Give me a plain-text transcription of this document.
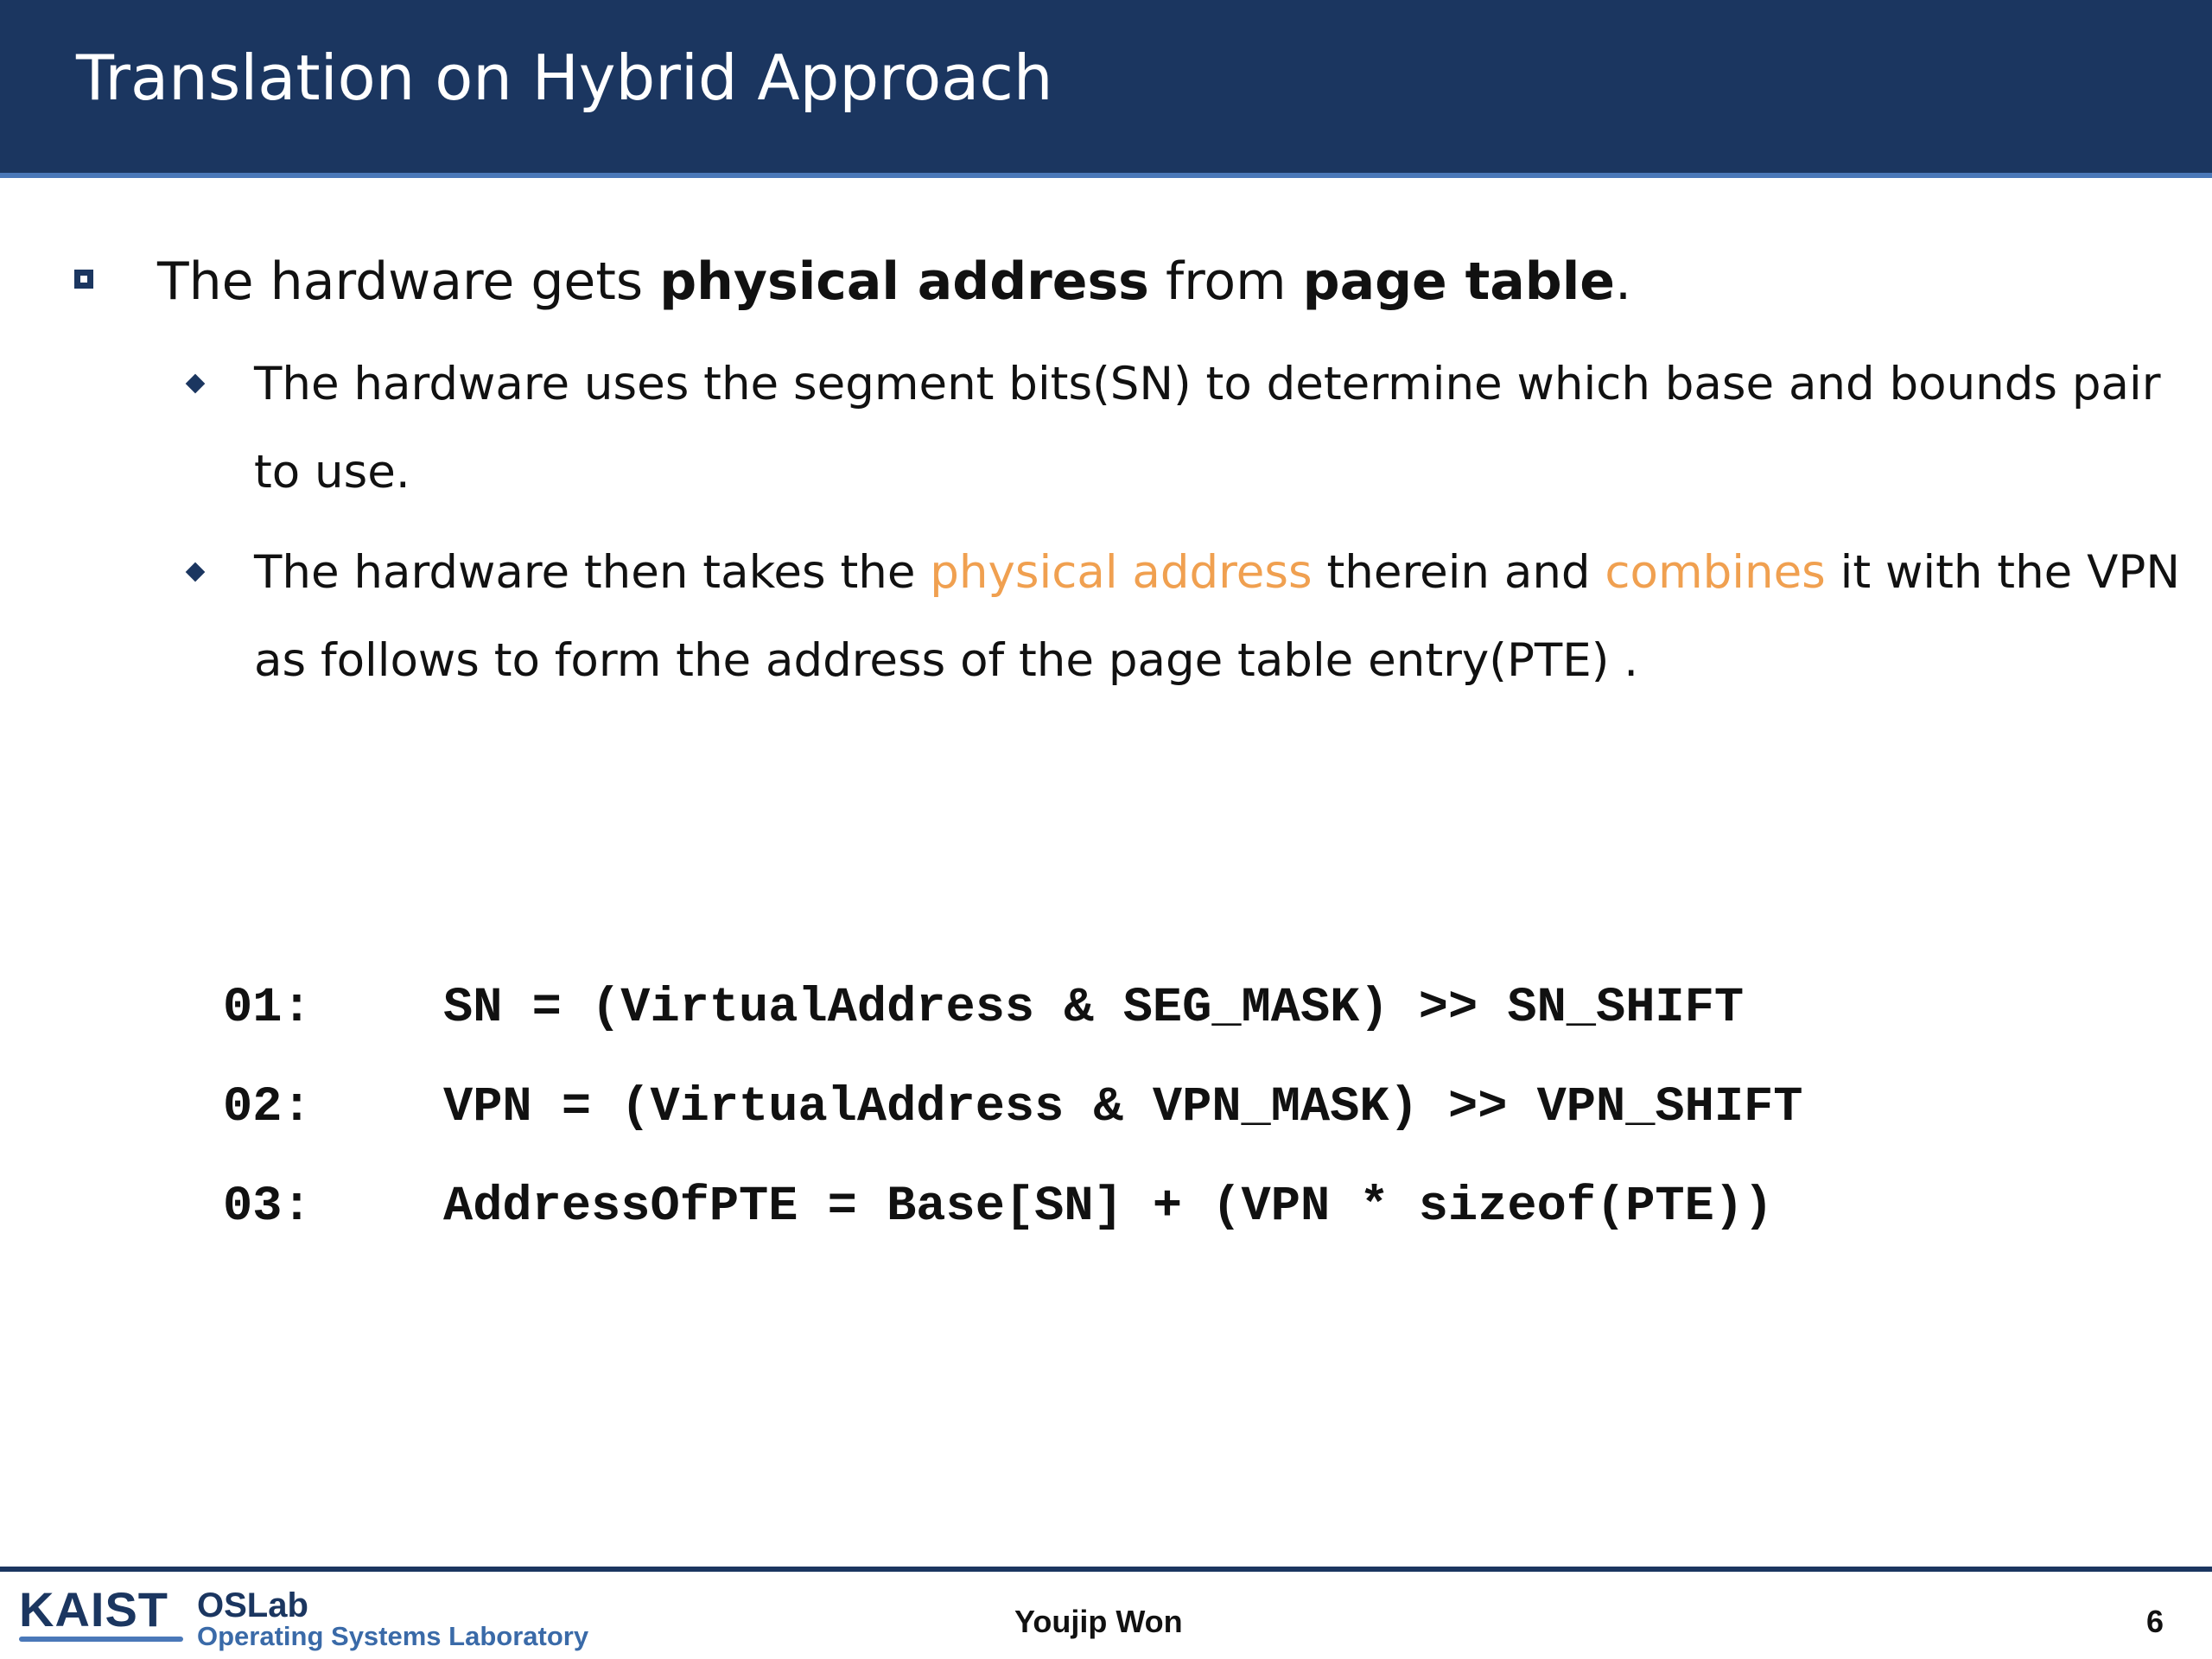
Translation on Hybrid Approach
The hardware gets physical address from page table.
The hardware uses the segment bits(SN) to determine which base and bounds pair
to use.
The hardware then takes the physical address therein and combines it with the VPN
as follows to form the address of the page table entry(PTE) .
01:	SN = (VirtualAddress & SEG_MASK) >> SN_SHIFT
02:	VPN = (VirtualAddress & VPN_MASK) >> VPN_SHIFT
03:	AddressOfPTE = Base[SN] + (VPN * sizeof(PTE))
KAIST OSLab
Operating Systems Laboratory	Youjip Won	6
